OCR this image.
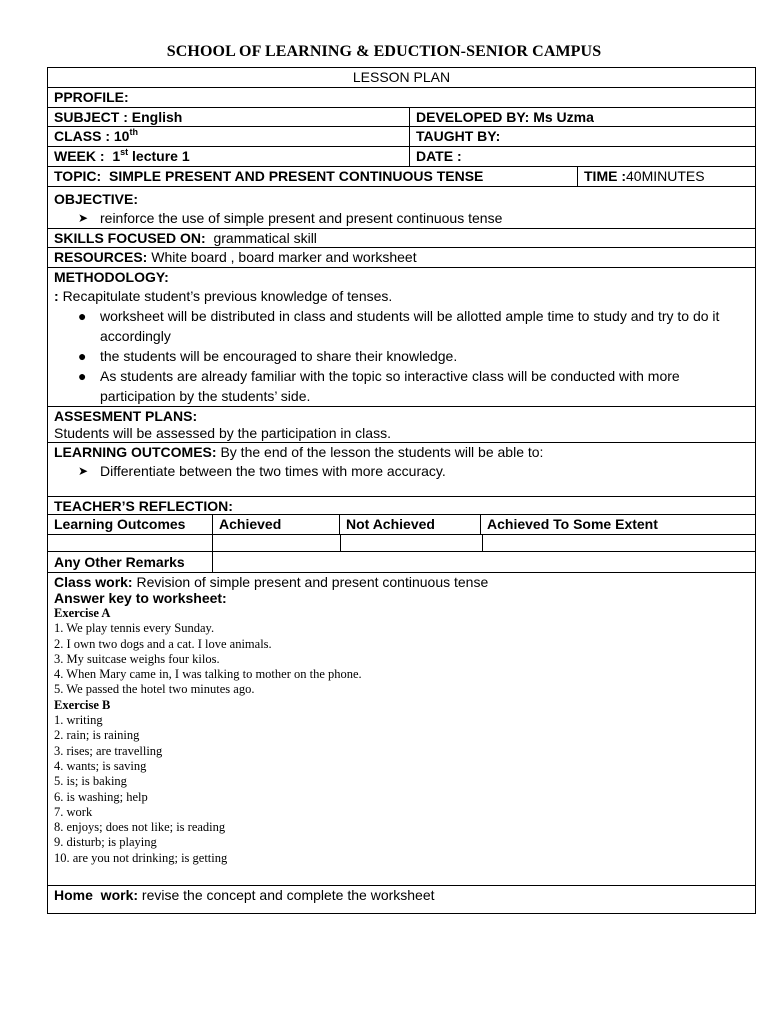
SCHOOL OF LEARNING & EDUCTION-SENIOR CAMPUS
LESSON PLAN
PPROFILE:
SUBJECT : English	DEVELOPED BY: Ms Uzma
CLASS : 10th	TAUGHT BY:
WEEK : 1st lecture 1	DATE :
TOPIC: SIMPLE PRESENT AND PRESENT CONTINUOUS TENSE	TIME :40MINUTES
OBJECTIVE:
➤ reinforce the use of simple present and present continuous tense
SKILLS FOCUSED ON: grammatical skill
RESOURCES: White board , board marker and worksheet
METHODOLOGY:
: Recapitulate student’s previous knowledge of tenses.
● worksheet will be distributed in class and students will be allotted ample time to study and try to do it accordingly
● the students will be encouraged to share their knowledge.
● As students are already familiar with the topic so interactive class will be conducted with more participation by the students’ side.
ASSESMENT PLANS:
Students will be assessed by the participation in class.
LEARNING OUTCOMES: By the end of the lesson the students will be able to:
➤ Differentiate between the two times with more accuracy.
TEACHER’S REFLECTION:
Learning Outcomes	Achieved	Not Achieved	Achieved To Some Extent
Any Other Remarks
Class work: Revision of simple present and present continuous tense
Answer key to worksheet:
Exercise A
1. We play tennis every Sunday.
2. I own two dogs and a cat. I love animals.
3. My suitcase weighs four kilos.
4. When Mary came in, I was talking to mother on the phone.
5. We passed the hotel two minutes ago.
Exercise B
1. writing
2. rain; is raining
3. rises; are travelling
4. wants; is saving
5. is; is baking
6. is washing; help
7. work
8. enjoys; does not like; is reading
9. disturb; is playing
10. are you not drinking; is getting
Home  work: revise the concept and complete the worksheet
